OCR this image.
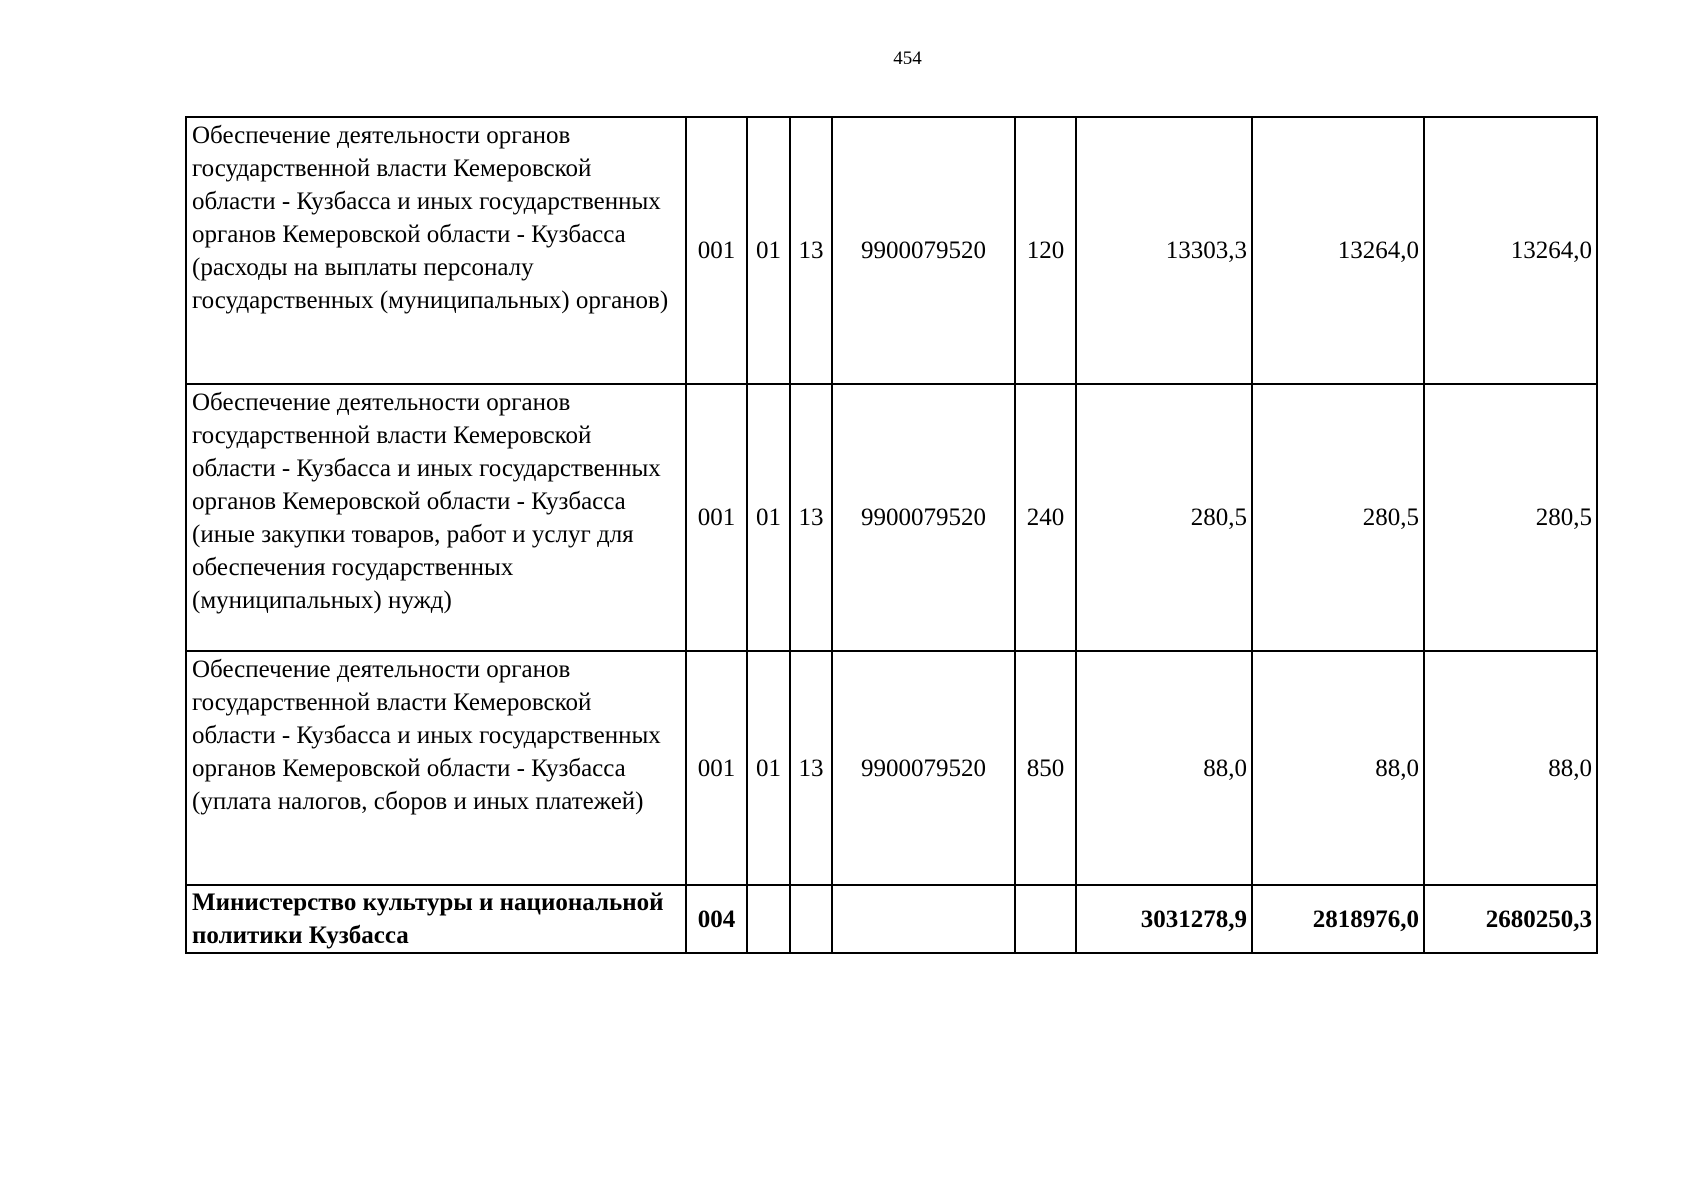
454
Обеспечение деятельности органов государственной власти Кемеровской области - Кузбасса и иных государственных органов Кемеровской области - Кузбасса (расходы на выплаты персоналу государственных (муниципальных) органов)	001	01	13	9900079520	120	13303,3	13264,0	13264,0
Обеспечение деятельности органов государственной власти Кемеровской области - Кузбасса и иных государственных органов Кемеровской области - Кузбасса (иные закупки товаров, работ и услуг для обеспечения государственных (муниципальных) нужд)	001	01	13	9900079520	240	280,5	280,5	280,5
Обеспечение деятельности органов государственной власти Кемеровской области - Кузбасса и иных государственных органов Кемеровской области - Кузбасса (уплата налогов, сборов и иных платежей)	001	01	13	9900079520	850	88,0	88,0	88,0
Министерство культуры и национальной политики Кузбасса	004					3031278,9	2818976,0	2680250,3
